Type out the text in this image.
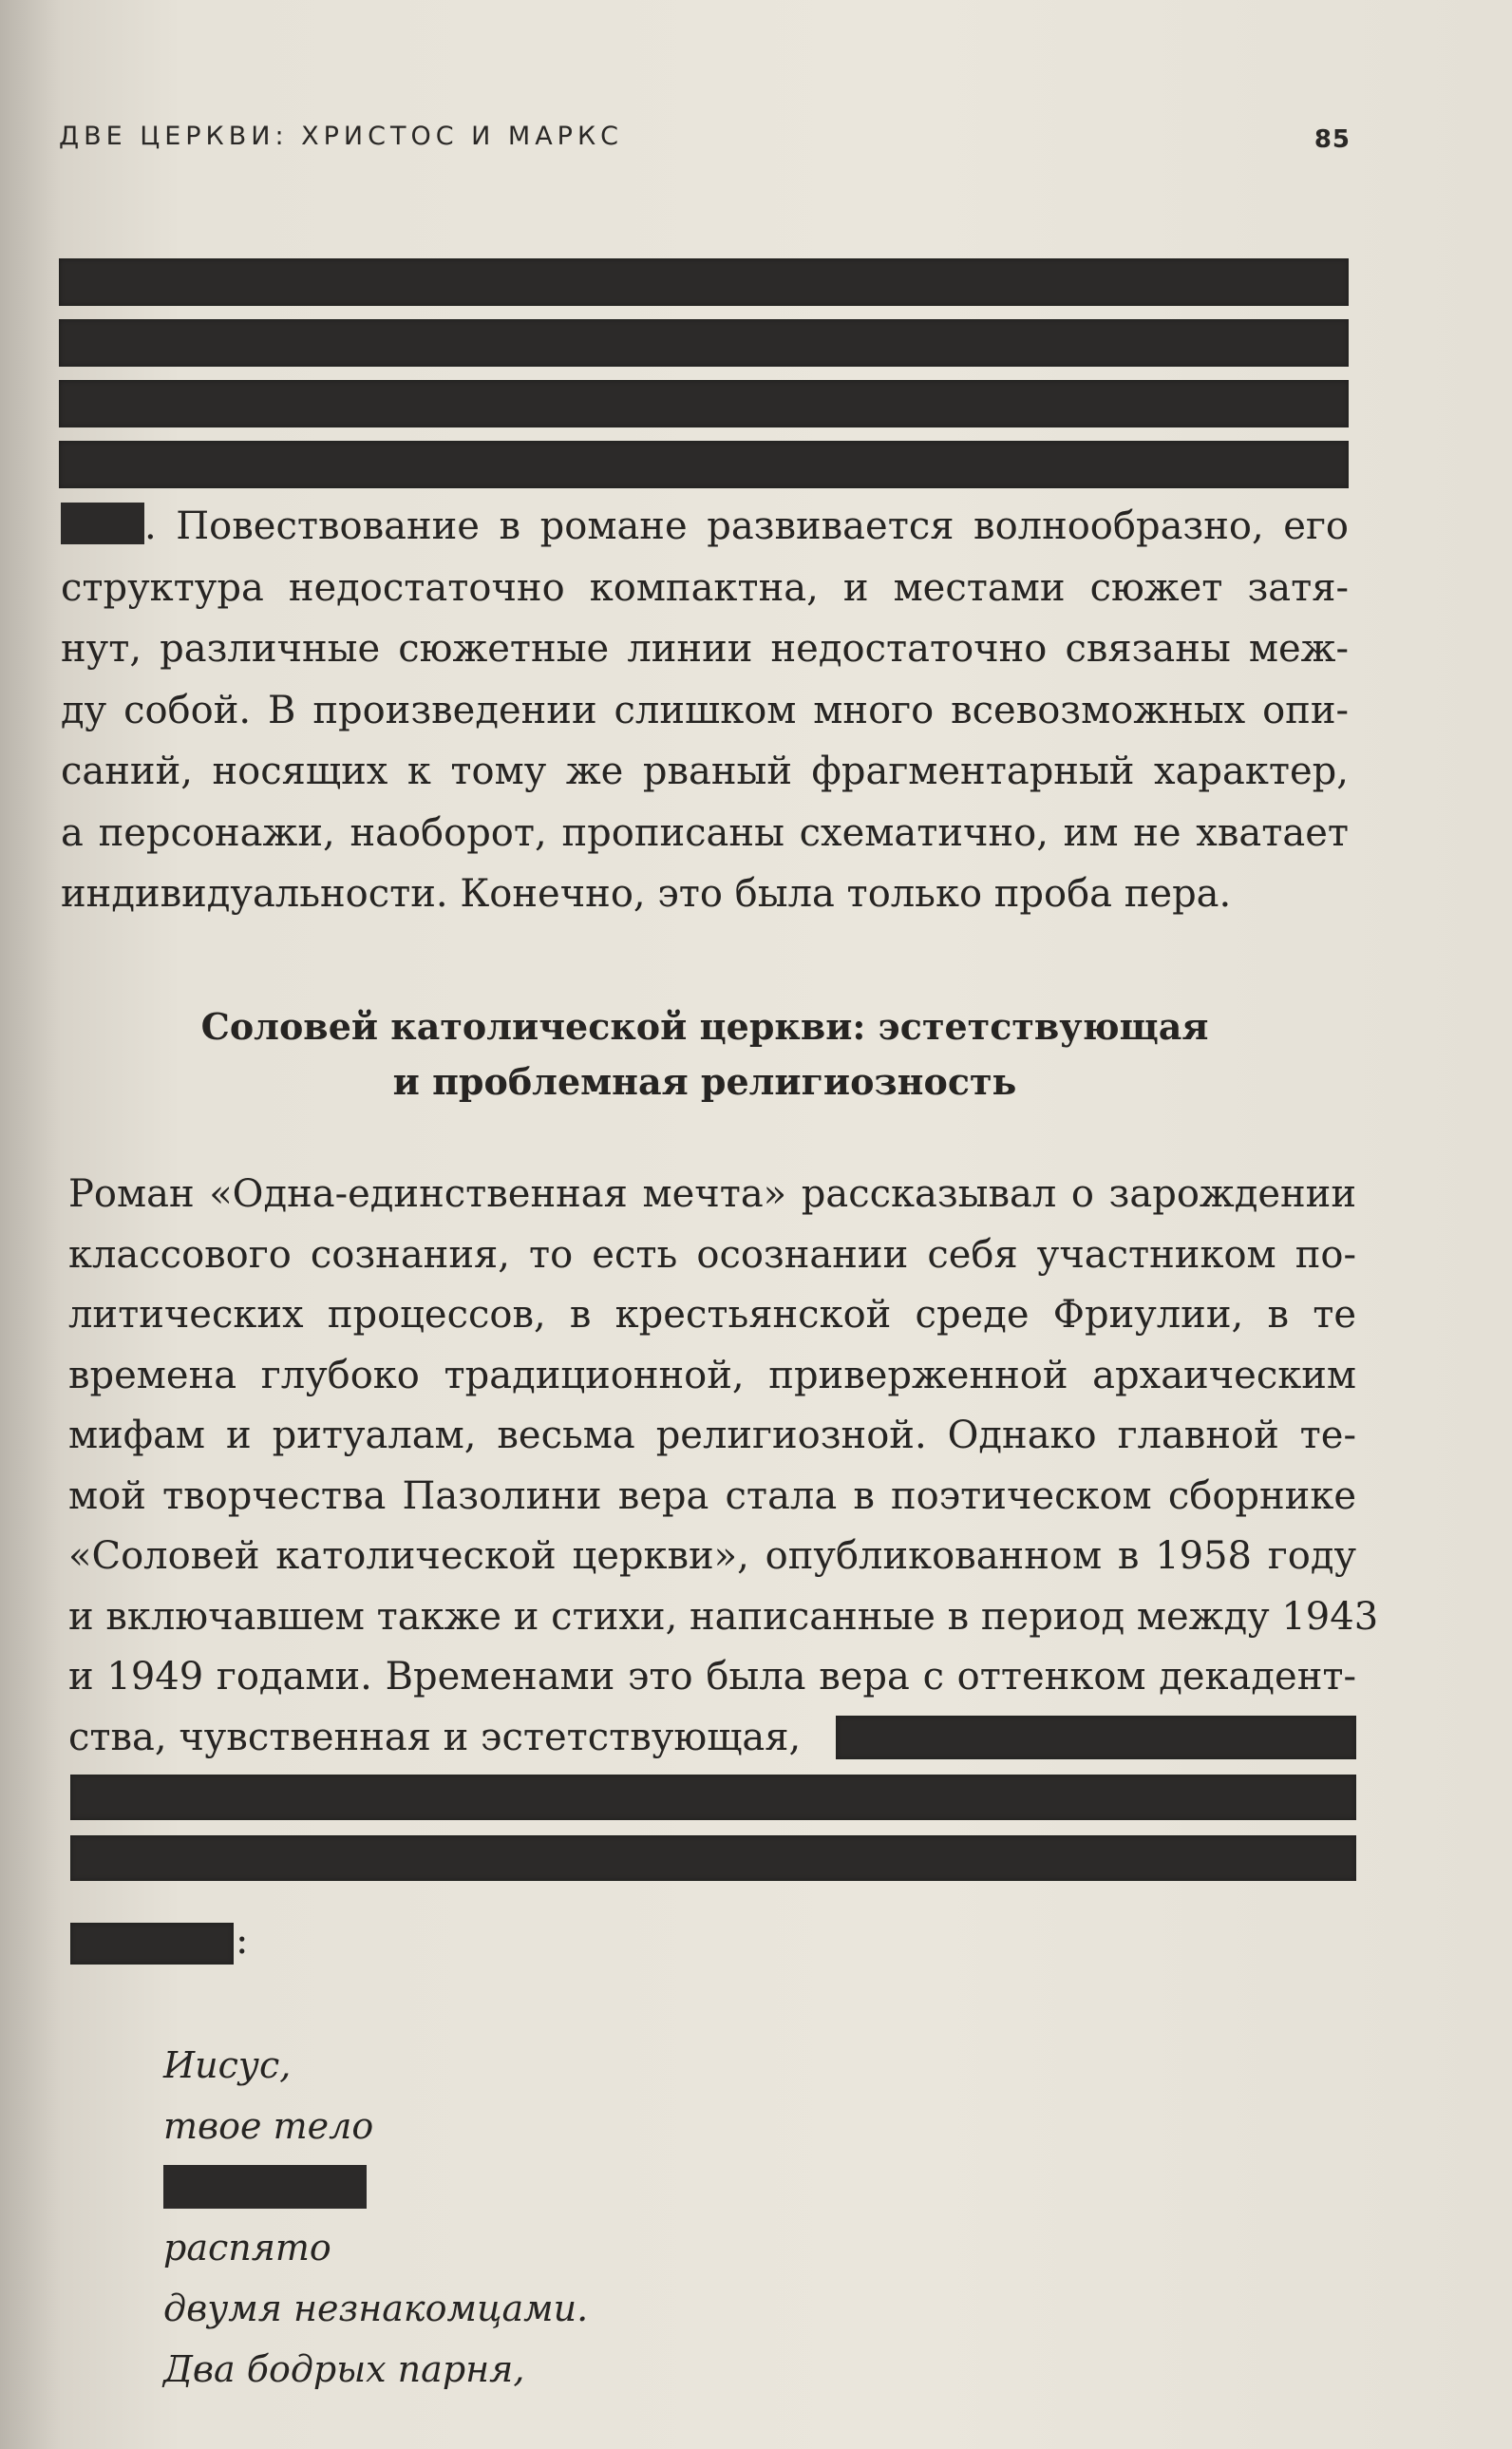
ДВЕ ЦЕРКВИ: ХРИСТОС И МАРКС	85
. Повествование в романе развивается волнообразно, его
структура недостаточно компактна, и местами сюжет затя-
нут, различные сюжетные линии недостаточно связаны меж-
ду собой. В произведении слишком много всевозможных опи-
саний, носящих к тому же рваный фрагментарный характер,
а персонажи, наоборот, прописаны схематично, им не хватает
индивидуальности. Конечно, это была только проба пера.
Соловей католической церкви: эстетствующая
и проблемная религиозность
Роман «Одна-единственная мечта» рассказывал о зарождении
классового сознания, то есть осознании себя участником по-
литических процессов, в крестьянской среде Фриулии, в те
времена глубоко традиционной, приверженной архаическим
мифам и ритуалам, весьма религиозной. Однако главной те-
мой творчества Пазолини вера стала в поэтическом сборнике
«Соловей католической церкви», опубликованном в 1958 году
и включавшем также и стихи, написанные в период между 1943
и 1949 годами. Временами это была вера с оттенком декадент-
ства, чувственная и эстетствующая,
:
Иисус,
твое тело
распято
двумя незнакомцами.
Два бодрых парня,
